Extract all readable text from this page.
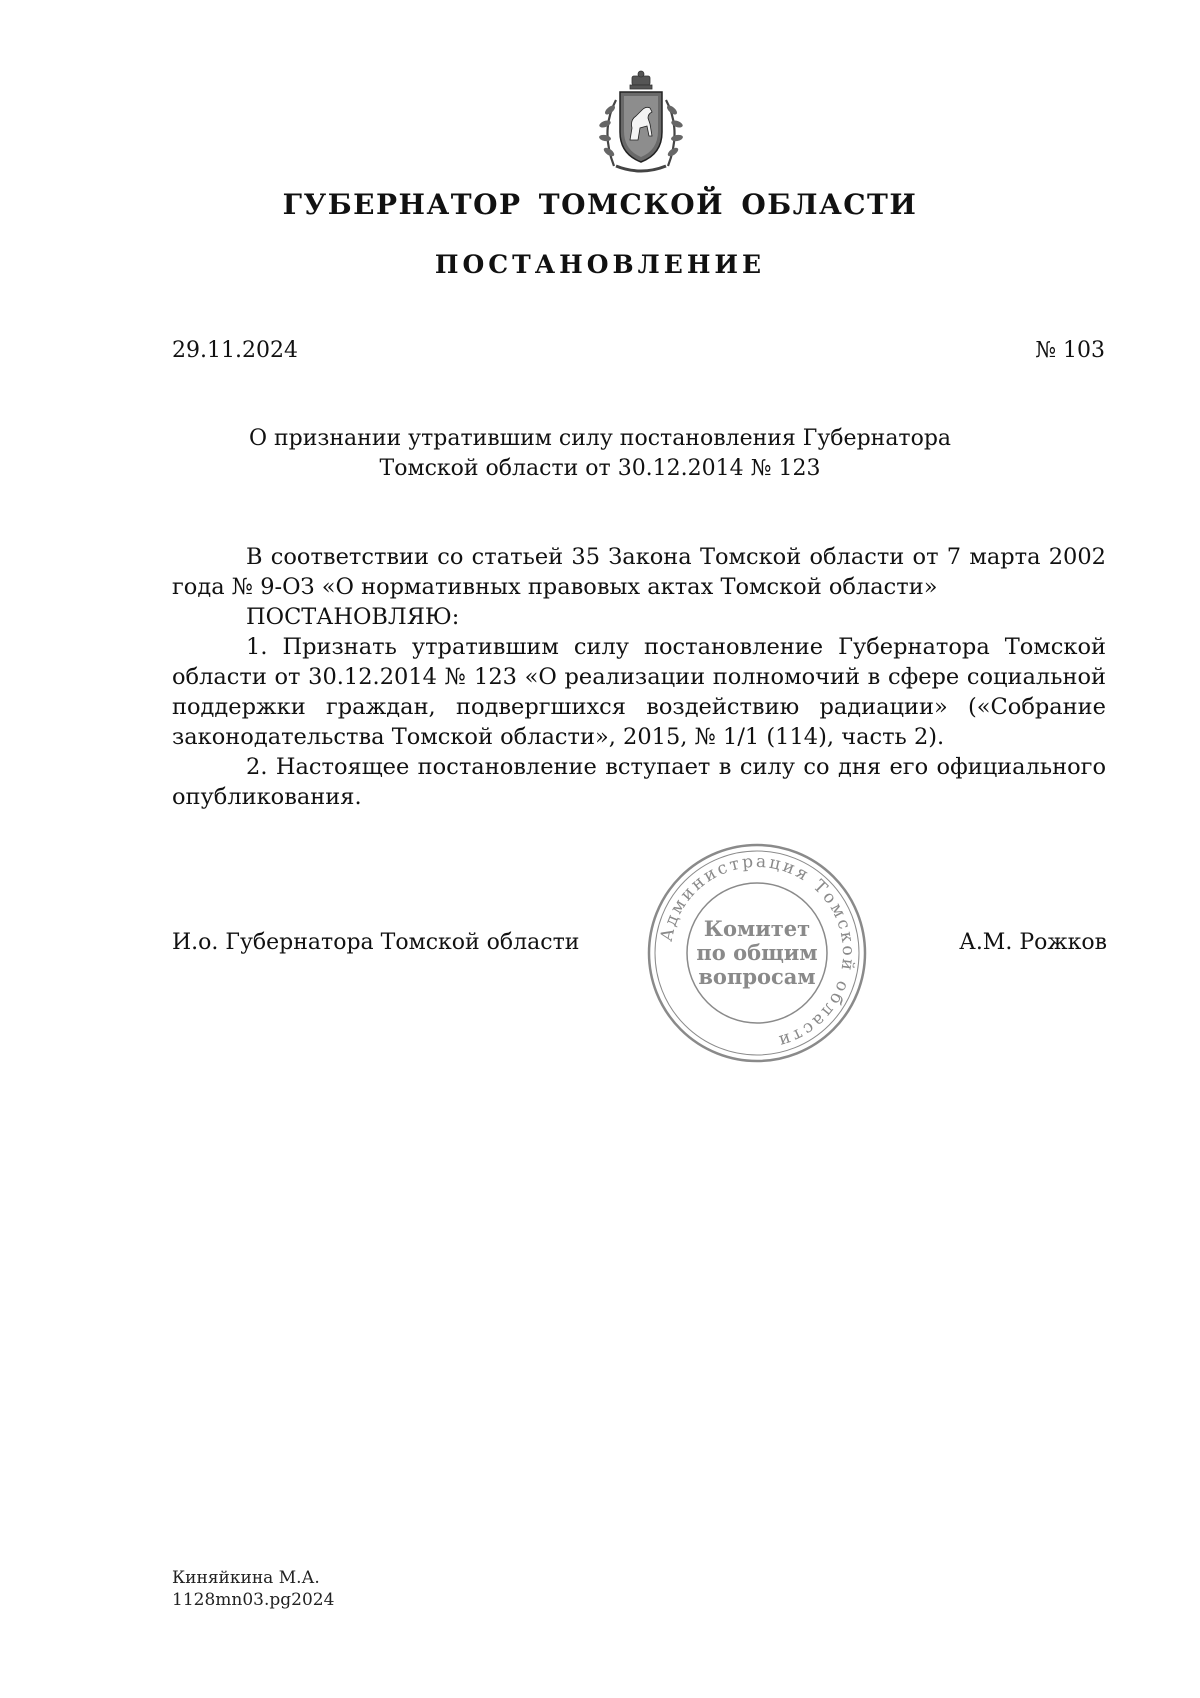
ГУБЕРНАТОР ТОМСКОЙ ОБЛАСТИ
ПОСТАНОВЛЕНИЕ
29.11.2024	№ 103
О признании утратившим силу постановления Губернатора
Томской области от 30.12.2014 № 123

В соответствии со статьей 35 Закона Томской области от 7 марта 2002 года № 9-ОЗ «О нормативных правовых актах Томской области»

ПОСТАНОВЛЯЮ:

1. Признать утратившим силу постановление Губернатора Томской области от 30.12.2014 № 123 «О реализации полномочий в сфере социальной поддержки граждан, подвергшихся воздействию радиации» («Собрание законодательства Томской области», 2015, № 1/1 (114), часть 2).

2. Настоящее постановление вступает в силу со дня его официального опубликования.

И.о. Губернатора Томской области	А.М. Рожков
Администрация Томской области
Комитет
по общим
вопросам
Киняйкина М.А.
1128mn03.pg2024
